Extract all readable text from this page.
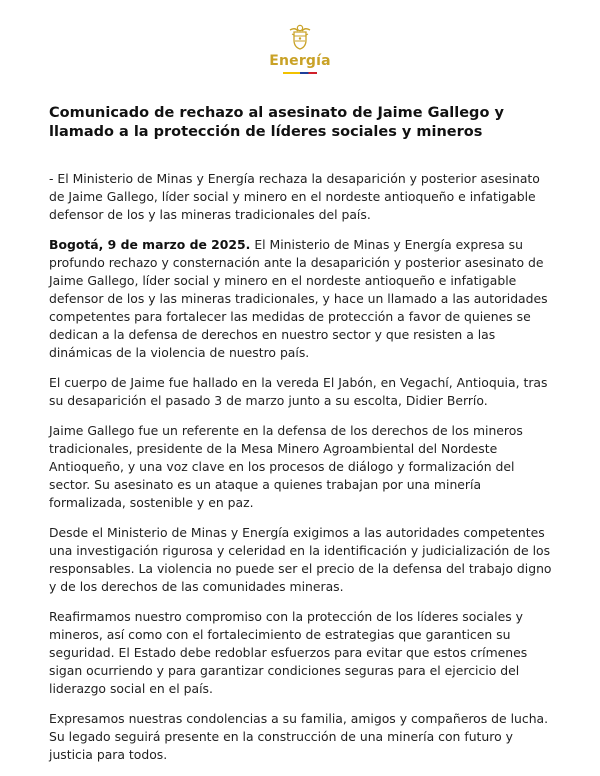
Energía
Comunicado de rechazo al asesinato de Jaime Gallego y llamado a la protección de líderes sociales y mineros

- El Ministerio de Minas y Energía rechaza la desaparición y posterior asesinato de Jaime Gallego, líder social y minero en el nordeste antioqueño e infatigable defensor de los y las mineras tradicionales del país.

Bogotá, 9 de marzo de 2025. El Ministerio de Minas y Energía expresa su profundo rechazo y consternación ante la desaparición y posterior asesinato de Jaime Gallego, líder social y minero en el nordeste antioqueño e infatigable defensor de los y las mineras tradicionales, y hace un llamado a las autoridades competentes para fortalecer las medidas de protección a favor de quienes se dedican a la defensa de derechos en nuestro sector y que resisten a las dinámicas de la violencia de nuestro país.

El cuerpo de Jaime fue hallado en la vereda El Jabón, en Vegachí, Antioquia, tras su desaparición el pasado 3 de marzo junto a su escolta, Didier Berrío.

Jaime Gallego fue un referente en la defensa de los derechos de los mineros tradicionales, presidente de la Mesa Minero Agroambiental del Nordeste Antioqueño, y una voz clave en los procesos de diálogo y formalización del sector. Su asesinato es un ataque a quienes trabajan por una minería formalizada, sostenible y en paz.

Desde el Ministerio de Minas y Energía exigimos a las autoridades competentes una investigación rigurosa y celeridad en la identificación y judicialización de los responsables. La violencia no puede ser el precio de la defensa del trabajo digno y de los derechos de las comunidades mineras.

Reafirmamos nuestro compromiso con la protección de los líderes sociales y mineros, así como con el fortalecimiento de estrategias que garanticen su seguridad. El Estado debe redoblar esfuerzos para evitar que estos crímenes sigan ocurriendo y para garantizar condiciones seguras para el ejercicio del liderazgo social en el país.

Expresamos nuestras condolencias a su familia, amigos y compañeros de lucha. Su legado seguirá presente en la construcción de una minería con futuro y justicia para todos.
